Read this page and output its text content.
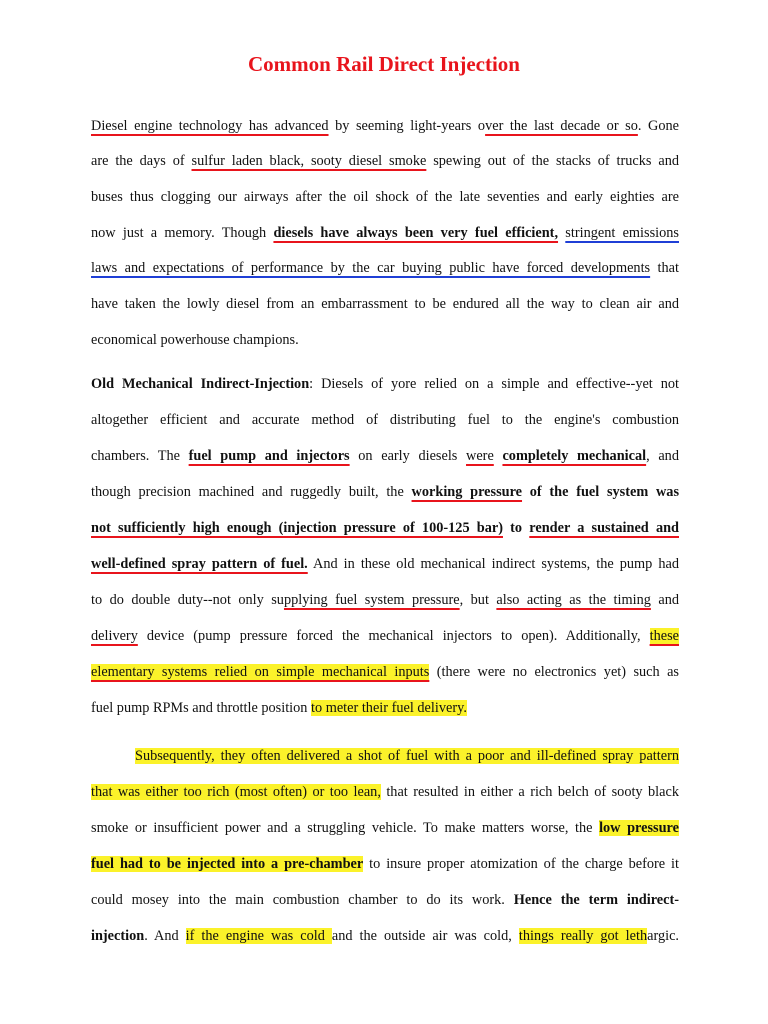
Common Rail Direct Injection
Diesel engine technology has advanced by seeming light-years over the last decade or so. Gone
are the days of sulfur laden black, sooty diesel smoke spewing out of the stacks of trucks and
buses thus clogging our airways after the oil shock of the late seventies and early eighties are
now just a memory. Though diesels have always been very fuel efficient, stringent emissions
laws and expectations of performance by the car buying public have forced developments that
have taken the lowly diesel from an embarrassment to be endured all the way to clean air and
economical powerhouse champions.
Old Mechanical Indirect-Injection: Diesels of yore relied on a simple and effective--yet not
altogether efficient and accurate method of distributing fuel to the engine's combustion
chambers. The fuel pump and injectors on early diesels were completely mechanical, and
though precision machined and ruggedly built, the working pressure of the fuel system was
not sufficiently high enough (injection pressure of 100-125 bar) to render a sustained and
well-defined spray pattern of fuel. And in these old mechanical indirect systems, the pump had
to do double duty--not only supplying fuel system pressure, but also acting as the timing and
delivery device (pump pressure forced the mechanical injectors to open). Additionally, these
elementary systems relied on simple mechanical inputs (there were no electronics yet) such as
fuel pump RPMs and throttle position to meter their fuel delivery.
Subsequently, they often delivered a shot of fuel with a poor and ill-defined spray pattern
that was either too rich (most often) or too lean, that resulted in either a rich belch of sooty black
smoke or insufficient power and a struggling vehicle. To make matters worse, the low pressure
fuel had to be injected into a pre-chamber to insure proper atomization of the charge before it
could mosey into the main combustion chamber to do its work. Hence the term indirect-
injection. And if the engine was cold and the outside air was cold, things really got lethargic.
